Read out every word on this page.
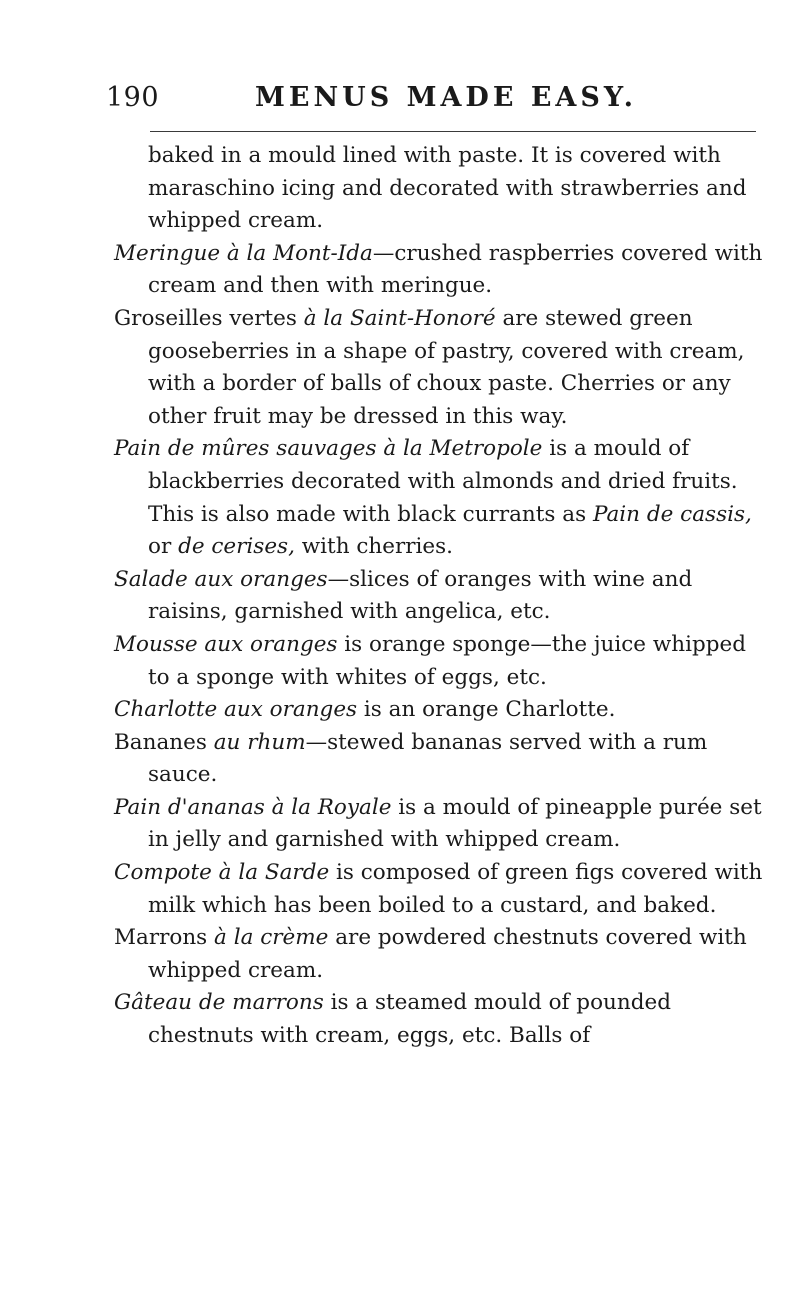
190	MENUS MADE EASY.

baked in a mould lined with paste. It is covered with maraschino icing and decorated with strawberries and whipped cream.

Meringue à la Mont-Ida—crushed raspberries covered with cream and then with meringue.

Groseilles vertes à la Saint-Honoré are stewed green gooseberries in a shape of pastry, covered with cream, with a border of balls of choux paste. Cherries or any other fruit may be dressed in this way.

Pain de mûres sauvages à la Metropole is a mould of blackberries decorated with almonds and dried fruits. This is also made with black currants as Pain de cassis, or de cerises, with cherries.

Salade aux oranges—slices of oranges with wine and raisins, garnished with angelica, etc.

Mousse aux oranges is orange sponge—the juice whipped to a sponge with whites of eggs, etc.

Charlotte aux oranges is an orange Charlotte.

Bananes au rhum—stewed bananas served with a rum sauce.

Pain d'ananas à la Royale is a mould of pineapple purée set in jelly and garnished with whipped cream.

Compote à la Sarde is composed of green figs covered with milk which has been boiled to a custard, and baked.

Marrons à la crème are powdered chestnuts covered with whipped cream.

Gâteau de marrons is a steamed mould of pounded chestnuts with cream, eggs, etc. Balls of
